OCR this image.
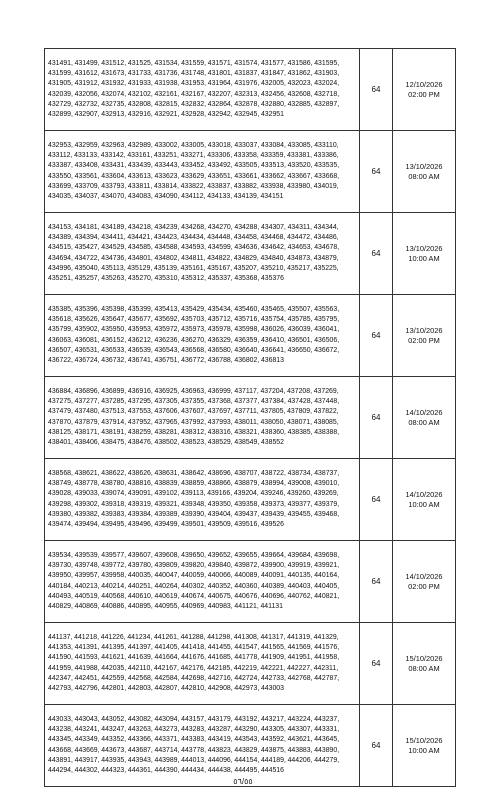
431491, 431499, 431512, 431525, 431534, 431559, 431571, 431574, 431577, 431586, 431595, 431599, 431612, 431673, 431733, 431736, 431748, 431801, 431837, 431847, 431862, 431903, 431905, 431912, 431932, 431933, 431938, 431953, 431964, 431976, 432005, 432023, 432024, 432039, 432056, 432074, 432102, 432161, 432167, 432207, 432313, 432456, 432608, 432718, 432729, 432732, 432735, 432808, 432815, 432832, 432864, 432878, 432880, 432885, 432897, 432899, 432907, 432913, 432916, 432921, 432928, 432942, 432945, 432951	64	12/10/2026
02:00 PM

432953, 432959, 432963, 432989, 433002, 433005, 433018, 433037, 433084, 433085, 433110, 433112, 433133, 433142, 433161, 433251, 433271, 433306, 433358, 433359, 433381, 433386, 433387, 433408, 433431, 433439, 433443, 433452, 433492, 433505, 433513, 433520, 433535, 433550, 433561, 433604, 433613, 433623, 433629, 433651, 433661, 433662, 433667, 433668, 433699, 433709, 433793, 433811, 433814, 433822, 433837, 433882, 433938, 433980, 434019, 434035, 434037, 434070, 434083, 434090, 434112, 434133, 434139, 434151	64	13/10/2026
08:00 AM

434153, 434181, 434189, 434218, 434239, 434268, 434270, 434288, 434307, 434311, 434344, 434389, 434394, 434411, 434421, 434423, 434434, 434448, 434458, 434468, 434472, 434486, 434515, 435427, 434529, 434585, 434588, 434593, 434599, 434636, 434642, 434653, 434678, 434694, 434722, 434736, 434801, 434802, 434811, 434822, 434829, 434840, 434873, 434879, 434996, 435040, 435113, 435129, 435139, 435161, 435167, 435207, 435210, 435217, 435225, 435251, 435257, 435263, 435270, 435310, 435312, 435337, 435368, 435376	64	13/10/2026
10:00 AM

435385, 435396, 435398, 435399, 435413, 435429, 435434, 435460, 435465, 435507, 435563, 435618, 435626, 435647, 435677, 435692, 435703, 435712, 435716, 435754, 435785, 435795, 435799, 435902, 435950, 435953, 435972, 435973, 435978, 435998, 436026, 436039, 436041, 436063, 436081, 436152, 436212, 436236, 436270, 436329, 436359, 436410, 436501, 436506, 436507, 436531, 436533, 436539, 436543, 436568, 436580, 436640, 436641, 436650, 436672, 436722, 436724, 436732, 436741, 436751, 436772, 436788, 436802, 436813	64	13/10/2026
02:00 PM

436884, 436896, 436899, 436916, 436925, 436963, 436999, 437117, 437204, 437208, 437269, 437275, 437277, 437285, 437295, 437305, 437355, 437368, 437377, 437384, 437428, 437448, 437479, 437480, 437513, 437553, 437606, 437607, 437697, 437711, 437805, 437809, 437822, 437870, 437879, 437914, 437952, 437965, 437992, 437993, 438011, 438050, 438071, 438085, 438125, 438171, 438191, 438259, 438281, 438312, 438316, 438321, 438360, 438385, 438388, 438401, 438406, 438475, 438476, 438502, 438523, 438529, 438549, 438552	64	14/10/2026
08:00 AM

438568, 438621, 438622, 438626, 438631, 438642, 438696, 438707, 438722, 438734, 438737, 438749, 438778, 438780, 438816, 438839, 438859, 438866, 438879, 438994, 439008, 439010, 439028, 439033, 439074, 439091, 439102, 439113, 439166, 439204, 439246, 439260, 439269, 439298, 439302, 439318, 439319, 439321, 439348, 439350, 439358, 439373, 439377, 439379, 439380, 439382, 439383, 439384, 439389, 439390, 439404, 439437, 439439, 439455, 439468, 439474, 439494, 439495, 439496, 439499, 439501, 439509, 439516, 439526	64	14/10/2026
10:00 AM

439534, 439539, 439577, 439607, 439608, 439650, 439652, 439655, 439664, 439684, 439698, 439730, 439748, 439772, 439780, 439809, 439820, 439840, 439872, 439900, 439919, 439921, 439950, 439957, 439958, 440035, 440047, 440059, 440066, 440089, 440091, 440135, 440164, 440184, 440213, 440214, 440251, 440264, 440302, 440352, 440360, 440389, 440403, 440405, 440493, 440519, 440568, 440610, 440619, 440674, 440675, 440676, 440696, 440762, 440821, 440829, 440869, 440886, 440895, 440955, 440969, 440983, 441121, 441131	64	14/10/2026
02:00 PM

441137, 441218, 441226, 441234, 441261, 441288, 441298, 441308, 441317, 441319, 441329, 441353, 441391, 441395, 441397, 441405, 441418, 441455, 441547, 441565, 441569, 441576, 441590, 441593, 441621, 441639, 441664, 441676, 441685, 441778, 441909, 441951, 441958, 441959, 441988, 442035, 442110, 442167, 442176, 442185, 442219, 442221, 442227, 442311, 442347, 442451, 442559, 442568, 442584, 442698, 442716, 442724, 442733, 442768, 442787, 442793, 442796, 442801, 442803, 442807, 442810, 442908, 442973, 443003	64	15/10/2026
08:00 AM

443033, 443043, 443052, 443082, 443094, 443157, 443179, 443192, 443217, 443224, 443237, 443238, 443241, 443247, 443263, 443273, 443283, 443287, 443290, 443305, 443307, 443331, 443345, 443349, 443352, 443366, 443371, 443383, 443419, 443543, 443592, 443621, 443645, 443668, 443669, 443673, 443687, 443714, 443778, 443823, 443829, 443875, 443883, 443890, 443891, 443917, 443935, 443943, 443989, 444013, 444096, 444154, 444189, 444206, 444279, 444294, 444302, 444323, 444361, 444390, 444434, 444438, 444495, 444516	64	15/10/2026
10:00 AM
٥٦/٥٥
